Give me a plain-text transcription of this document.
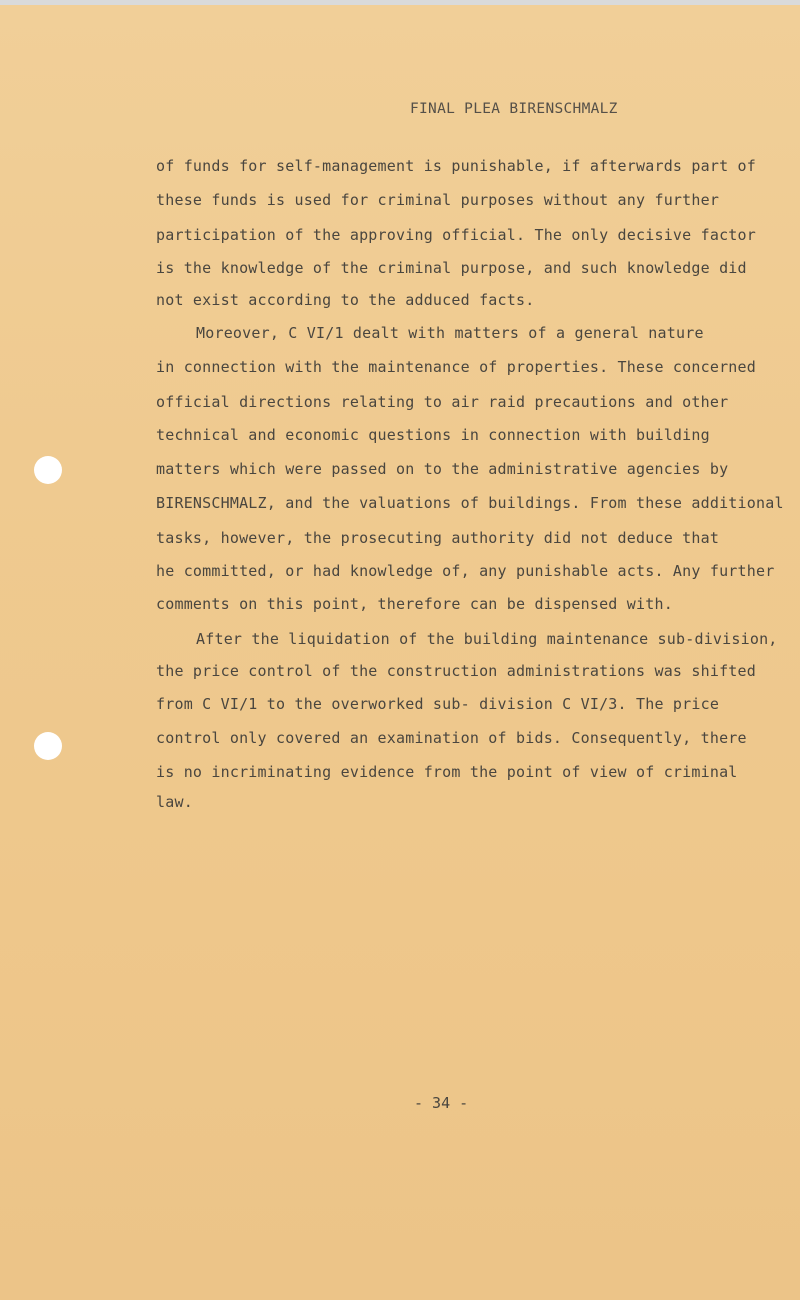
FINAL PLEA BIRENSCHMALZ
of funds for self-management is punishable, if afterwards part of
these funds is used for criminal purposes without any further
participation of the approving official. The only decisive factor
is the knowledge of the criminal purpose, and such knowledge did
not exist according to the adduced facts.
Moreover, C VI/1 dealt with matters of a general nature
in connection with the maintenance of properties. These concerned
official directions relating to air raid precautions and other
technical and economic questions in connection with building
matters which were passed on to the administrative agencies by
BIRENSCHMALZ, and the valuations of buildings. From these additional
tasks, however, the prosecuting authority did not deduce that
he committed, or had knowledge of, any punishable acts. Any further
comments on this point, therefore can be dispensed with.
After the liquidation of the building maintenance sub-division,
the price control of the construction administrations was shifted
from C VI/1 to the overworked sub- division C VI/3. The price
control only covered an examination of bids. Consequently, there
is no incriminating evidence from the point of view of criminal
law.
- 34 -
